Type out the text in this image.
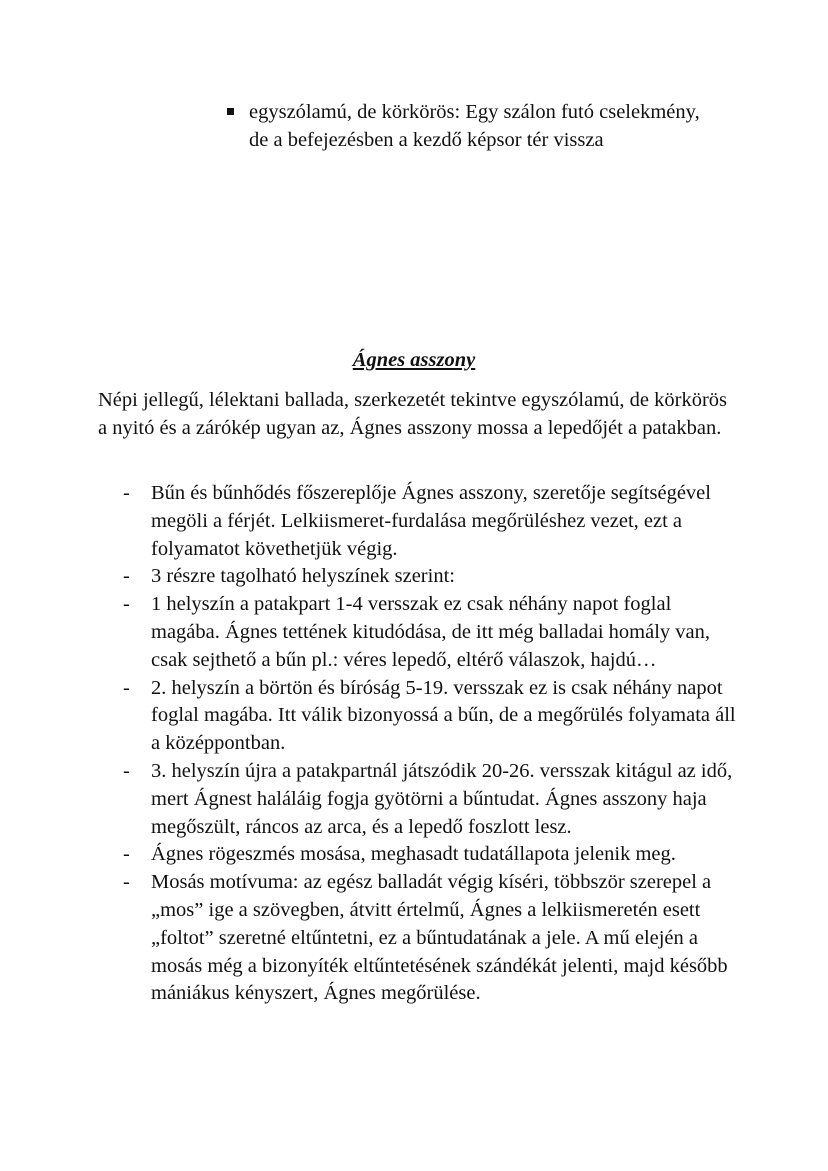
egyszólamú, de körkörös: Egy szálon futó cselekmény, de a befejezésben a kezdő képsor tér vissza
Ágnes asszony
Népi jellegű, lélektani ballada, szerkezetét tekintve egyszólamú, de körkörös a nyitó és a zárókép ugyan az, Ágnes asszony mossa a lepedőjét a patakban.
-	Bűn és bűnhődés főszereplője Ágnes asszony, szeretője segítségével megöli a férjét. Lelkiismeret-furdalása megőrüléshez vezet, ezt a folyamatot követhetjük végig.
-	3 részre tagolható helyszínek szerint:
-	1 helyszín a patakpart 1-4 versszak ez csak néhány napot foglal magába. Ágnes tettének kitudódása, de itt még balladai homály van, csak sejthető a bűn pl.: véres lepedő, eltérő válaszok, hajdú…
-	2. helyszín a börtön és bíróság 5-19. versszak ez is csak néhány napot foglal magába. Itt válik bizonyossá a bűn, de a megőrülés folyamata áll a középpontban.
-	3. helyszín újra a patakpartnál játszódik 20-26. versszak kitágul az idő, mert Ágnest haláláig fogja gyötörni a bűntudat. Ágnes asszony haja megőszült, ráncos az arca, és a lepedő foszlott lesz.
-	Ágnes rögeszmés mosása, meghasadt tudatállapota jelenik meg.
-	Mosás motívuma: az egész balladát végig kíséri, többször szerepel a „mos” ige a szövegben, átvitt értelmű, Ágnes a lelkiismeretén esett „foltot” szeretné eltűntetni, ez a bűntudatának a jele. A mű elején a mosás még a bizonyíték eltűntetésének szándékát jelenti, majd később mániákus kényszert, Ágnes megőrülése.
